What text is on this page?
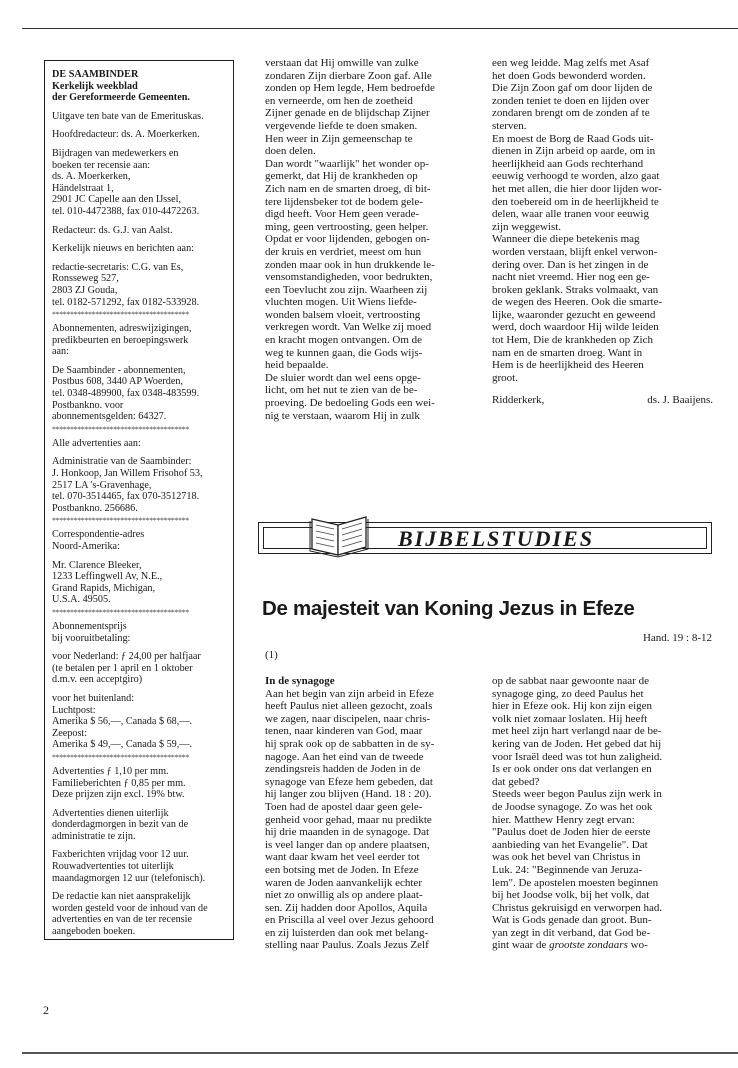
DE SAAMBINDER
Kerkelijk weekblad
der Gereformeerde Gemeenten.
Uitgave ten bate van de Emerituskas.
Hoofdredacteur: ds. A. Moerkerken.
Bijdragen van medewerkers en
boeken ter recensie aan:
ds. A. Moerkerken,
Händelstraat 1,
2901 JC Capelle aan den IJssel,
tel. 010-4472388, fax 010-4472263.
Redacteur: ds. G.J. van Aalst.
Kerkelijk nieuws en berichten aan:
redactie-secretaris: C.G. van Es,
Ronsseweg 527,
2803 ZJ Gouda,
tel. 0182-571292, fax 0182-533928.
**************************************
Abonnementen, adreswijzigingen,
predikbeurten en beroepingswerk
aan:
De Saambinder - abonnementen,
Postbus 608, 3440 AP Woerden,
tel. 0348-489900, fax 0348-483599.
Postbankno. voor
abonnementsgelden: 64327.
**************************************
Alle advertenties aan:
Administratie van de Saambinder:
J. Honkoop, Jan Willem Frisohof 53,
2517 LA 's-Gravenhage,
tel. 070-3514465, fax 070-3512718.
Postbankno. 256686.
**************************************
Correspondentie-adres
Noord-Amerika:
Mr. Clarence Bleeker,
1233 Leffingwell Av, N.E.,
Grand Rapids, Michigan,
U.S.A. 49505.
**************************************
Abonnementsprijs
bij vooruitbetaling:
voor Nederland: ƒ 24,00 per halfjaar
(te betalen per 1 april en 1 oktober
d.m.v. een acceptgiro)
voor het buitenland:
Luchtpost:
Amerika $ 56,—, Canada $ 68,—.
Zeepost:
Amerika $ 49,—, Canada $ 59,—.
**************************************
Advertenties ƒ 1,10 per mm.
Familieberichten ƒ 0,85 per mm.
Deze prijzen zijn excl. 19% btw.
Advertenties dienen uiterlijk
donderdagmorgen in bezit van de
administratie te zijn.
Faxberichten vrijdag voor 12 uur.
Rouwadvertenties tot uiterlijk
maandagmorgen 12 uur (telefonisch).
De redactie kan niet aansprakelijk
worden gesteld voor de inhoud van de
advertenties en van de ter recensie
aangeboden boeken.
verstaan dat Hij omwille van zulke
zondaren Zijn dierbare Zoon gaf. Alle
zonden op Hem legde, Hem bedroefde
en verneerde, om hen de zoetheid
Zijner genade en de blijdschap Zijner
vergevende liefde te doen smaken.
Hen weer in Zijn gemeenschap te
doen delen.
Dan wordt "waarlijk" het wonder op-
gemerkt, dat Hij de krankheden op
Zich nam en de smarten droeg, di bit-
tere lijdensbeker tot de bodem gele-
digd heeft. Voor Hem geen verade-
ming, geen vertroosting, geen helper.
Opdat er voor lijdenden, gebogen on-
der kruis en verdriet, meest om hun
zonden maar ook in hun drukkende le-
vensomstandigheden, voor bedrukten,
een Toevlucht zou zijn. Waarheen zij
vluchten mogen. Uit Wiens liefde-
wonden balsem vloeit, vertroosting
verkregen wordt. Van Welke zij moed
en kracht mogen ontvangen. Om de
weg te kunnen gaan, die Gods wijs-
heid bepaalde.
De sluier wordt dan wel eens opge-
licht, om het nut te zien van de be-
proeving. De bedoeling Gods een wei-
nig te verstaan, waarom Hij in zulk
een weg leidde. Mag zelfs met Asaf
het doen Gods bewonderd worden.
Die Zijn Zoon gaf om door lijden de
zonden teniet te doen en lijden over
zondaren brengt om de zonden af te
sterven.
En moest de Borg de Raad Gods uit-
dienen in Zijn arbeid op aarde, om in
heerlijkheid aan Gods rechterhand
eeuwig verhoogd te worden, alzo gaat
het met allen, die hier door lijden wor-
den toebereid om in de heerlijkheid te
delen, waar alle tranen voor eeuwig
zijn weggewist.
Wanneer die diepe betekenis mag
worden verstaan, blijft enkel verwon-
dering over. Dan is het zingen in de
nacht niet vreemd. Hier nog een ge-
broken geklank. Straks volmaakt, van
de wegen des Heeren. Ook die smarte-
lijke, waaronder gezucht en geweend
werd, doch waardoor Hij wilde leiden
tot Hem, Die de krankheden op Zich
nam en de smarten droeg. Want in
Hem is de heerlijkheid des Heeren
groot.
Ridderkerk,	ds. J. Baaijens.
BIJBELSTUDIES
De majesteit van Koning Jezus in Efeze
Hand. 19 : 8-12
(1)
In de synagoge
Aan het begin van zijn arbeid in Efeze
heeft Paulus niet alleen gezocht, zoals
we zagen, naar discipelen, naar chris-
tenen, naar kinderen van God, maar
hij sprak ook op de sabbatten in de sy-
nagoge. Aan het eind van de tweede
zendingsreis hadden de Joden in de
synagoge van Efeze hem gebeden, dat
hij langer zou blijven (Hand. 18 : 20).
Toen had de apostel daar geen gele-
genheid voor gehad, maar nu predikte
hij drie maanden in de synagoge. Dat
is veel langer dan op andere plaatsen,
want daar kwam het veel eerder tot
een botsing met de Joden. In Efeze
waren de Joden aanvankelijk echter
niet zo onwillig als op andere plaat-
sen. Zij hadden door Apollos, Aquila
en Priscilla al veel over Jezus gehoord
en zij luisterden dan ook met belang-
stelling naar Paulus. Zoals Jezus Zelf
op de sabbat naar gewoonte naar de
synagoge ging, zo deed Paulus het
hier in Efeze ook. Hij kon zijn eigen
volk niet zomaar loslaten. Hij heeft
met heel zijn hart verlangd naar de be-
kering van de Joden. Het gebed dat hij
voor Israël deed was tot hun zaligheid.
Is er ook onder ons dat verlangen en
dat gebed?
Steeds weer begon Paulus zijn werk in
de Joodse synagoge. Zo was het ook
hier. Matthew Henry zegt ervan:
"Paulus doet de Joden hier de eerste
aanbieding van het Evangelie". Dat
was ook het bevel van Christus in
Luk. 24: "Beginnende van Jeruza-
lem". De apostelen moesten beginnen
bij het Joodse volk, bij het volk, dat
Christus gekruisigd en verworpen had.
Wat is Gods genade dan groot. Bun-
yan zegt in dit verband, dat God be-
gint waar de grootste zondaars wo-
2
